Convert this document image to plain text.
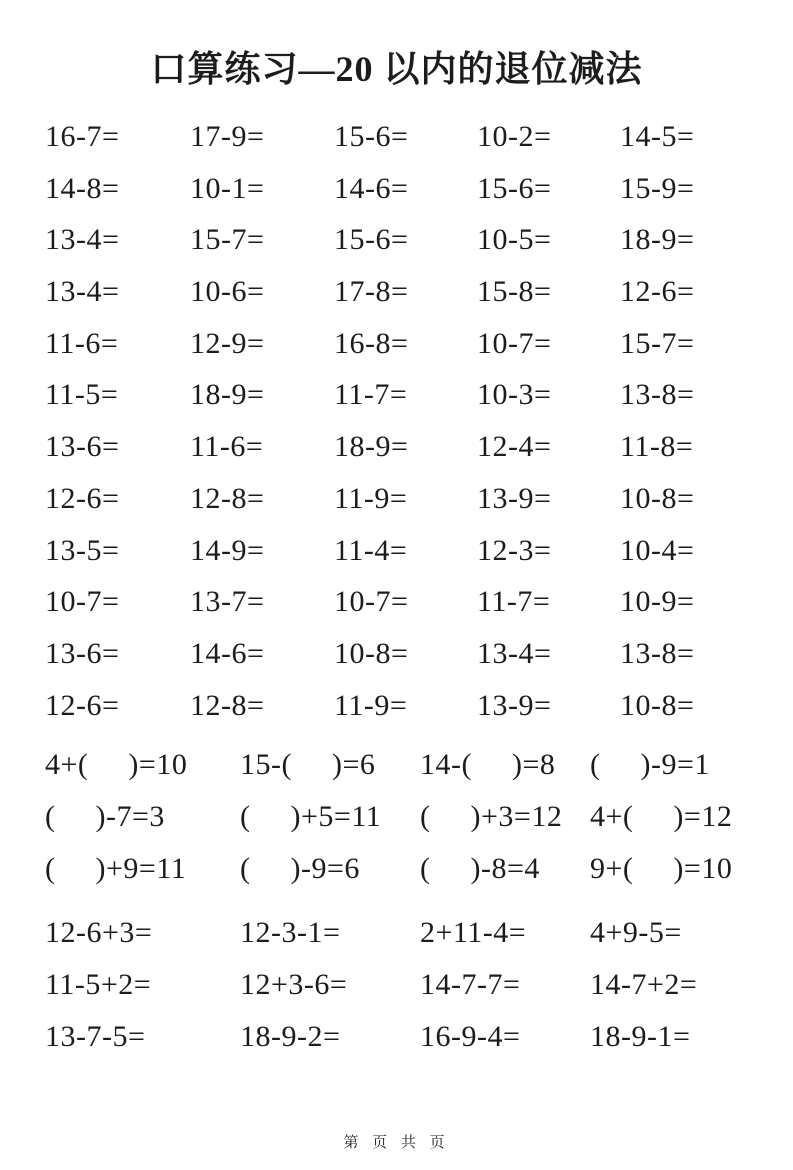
口算练习—20 以内的退位减法
16-7=	17-9=	15-6=	10-2=	14-5=
14-8=	10-1=	14-6=	15-6=	15-9=
13-4=	15-7=	15-6=	10-5=	18-9=
13-4=	10-6=	17-8=	15-8=	12-6=
11-6=	12-9=	16-8=	10-7=	15-7=
11-5=	18-9=	11-7=	10-3=	13-8=
13-6=	11-6=	18-9=	12-4=	11-8=
12-6=	12-8=	11-9=	13-9=	10-8=
13-5=	14-9=	11-4=	12-3=	10-4=
10-7=	13-7=	10-7=	11-7=	10-9=
13-6=	14-6=	10-8=	13-4=	13-8=
12-6=	12-8=	11-9=	13-9=	10-8=
4+(     )=10	15-(     )=6	14-(     )=8	(     )-9=1
(     )-7=3	(     )+5=11	(     )+3=12 4+(     )=12
(     )+9=11	(     )-9=6	(     )-8=4	9+(     )=10
12-6+3=	12-3-1=	2+11-4=	4+9-5=
11-5+2=	12+3-6=	14-7-7=	14-7+2=
13-7-5=	18-9-2=	16-9-4=	18-9-1=
第 页 共 页
